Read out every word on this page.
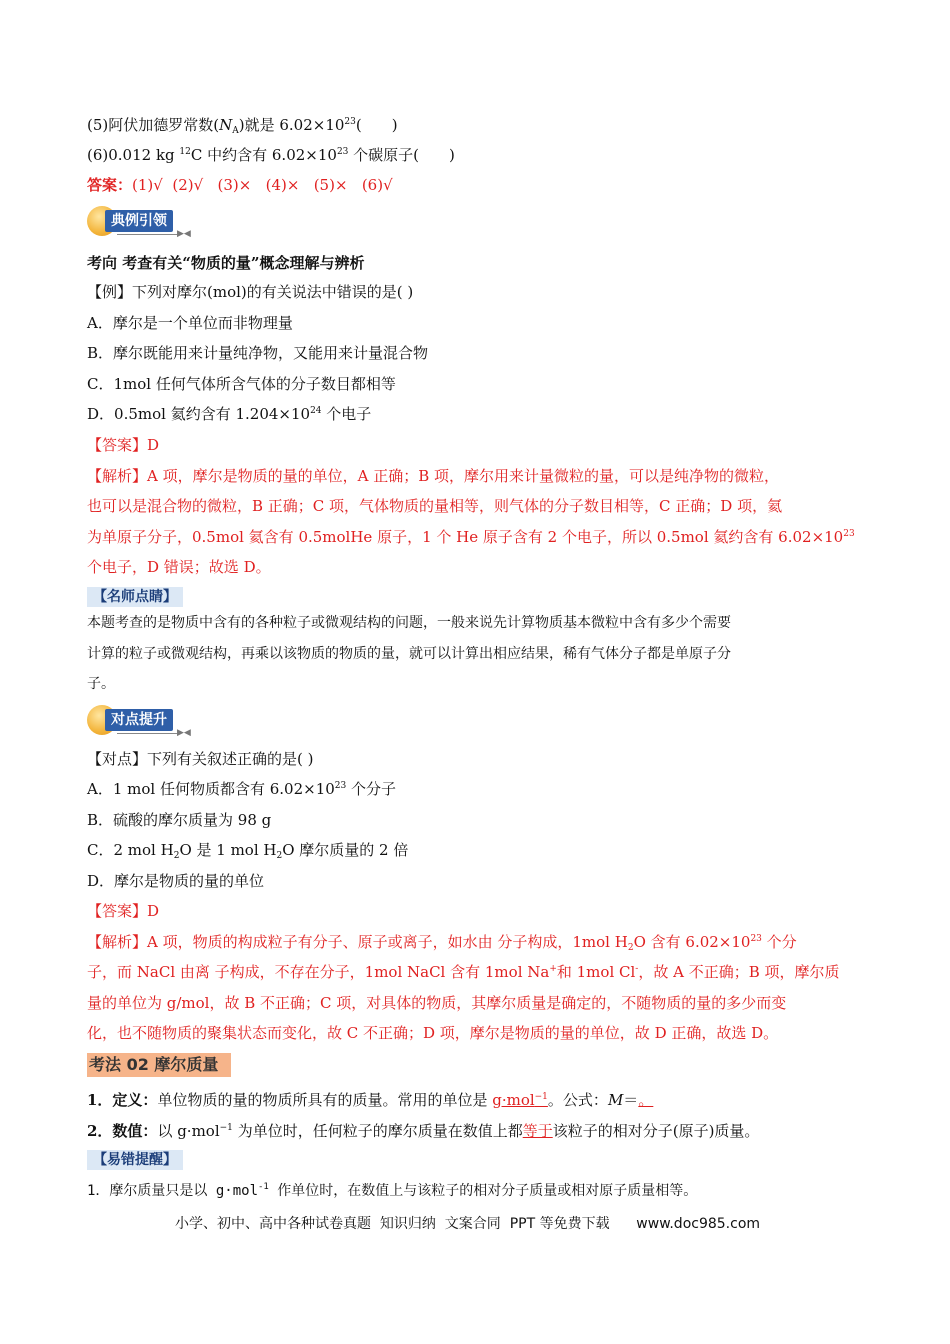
(5)阿伏加德罗常数$(N_A)$就是 $6.02\times 10^{23}$(　　)
(6)0.012 kg $^{12}$C 中约含有 $6.02\times 10^{23}$ 个碳原子(　　)
答案：(1)√  (2)√   (3)×   (4)×   (5)×   (6)√
典例引领
▶◀
考向 考查有关“物质的量”概念理解与辨析
【例】下列对摩尔(mol)的有关说法中错误的是( )
A．摩尔是一个单位而非物理量
B．摩尔既能用来计量纯净物，又能用来计量混合物
C．1mol 任何气体所含气体的分子数目都相等
D．0.5mol 氦约含有 $1.204\times 10^{24}$ 个电子
【答案】D
【解析】A 项，摩尔是物质的量的单位，A 正确；B 项，摩尔用来计量微粒的量，可以是纯净物的微粒，
也可以是混合物的微粒，B 正确；C 项，气体物质的量相等，则气体的分子数目相等，C 正确；D 项，氦
为单原子分子，0.5mol 氦含有 0.5molHe 原子，1 个 He 原子含有 2 个电子，所以 0.5mol 氦约含有 $6.02\times 10^{23}$
个电子，D 错误；故选 D。
【名师点睛】
本题考查的是物质中含有的各种粒子或微观结构的问题，一般来说先计算物质基本微粒中含有多少个需要
计算的粒子或微观结构，再乘以该物质的物质的量，就可以计算出相应结果，稀有气体分子都是单原子分
子。
对点提升
▶◀
【对点】下列有关叙述正确的是( )
A．1 mol 任何物质都含有 $6.02\times 10^{23}$ 个分子
B．硫酸的摩尔质量为 98 g
C．2 mol $H_2O$ 是 1 mol $H_2O$ 摩尔质量的 2 倍
D．摩尔是物质的量的单位
【答案】D
【解析】A 项，物质的构成粒子有分子、原子或离子，如水由 分子构成，1mol $H_2O$ 含有 $6.02\times 10^{23}$ 个分
子，而 NaCl 由离 子构成，不存在分子，1mol NaCl 含有 1mol Na+和 1mol Cl-，故 A 不正确；B 项，摩尔质
量的单位为 g/mol，故 B 不正确；C 项，对具体的物质，其摩尔质量是确定的，不随物质的量的多少而变
化，也不随物质的聚集状态而变化，故 C 不正确；D 项，摩尔是物质的量的单位，故 D 正确，故选 D。
考法 02 摩尔质量
1．定义：单位物质的量的物质所具有的质量。常用的单位是 g·mol$^{-1}$。公式：M＝。
2．数值：以 g·mol$^{-1}$ 为单位时，任何粒子的摩尔质量在数值上都等于该粒子的相对分子(原子)质量。
【易错提醒】
1．摩尔质量只是以 g·mol$^{-1}$ 作单位时，在数值上与该粒子的相对分子质量或相对原子质量相等。
小学、初中、高中各种试卷真题  知识归纳  文案合同  PPT 等免费下载      www.doc985.com
